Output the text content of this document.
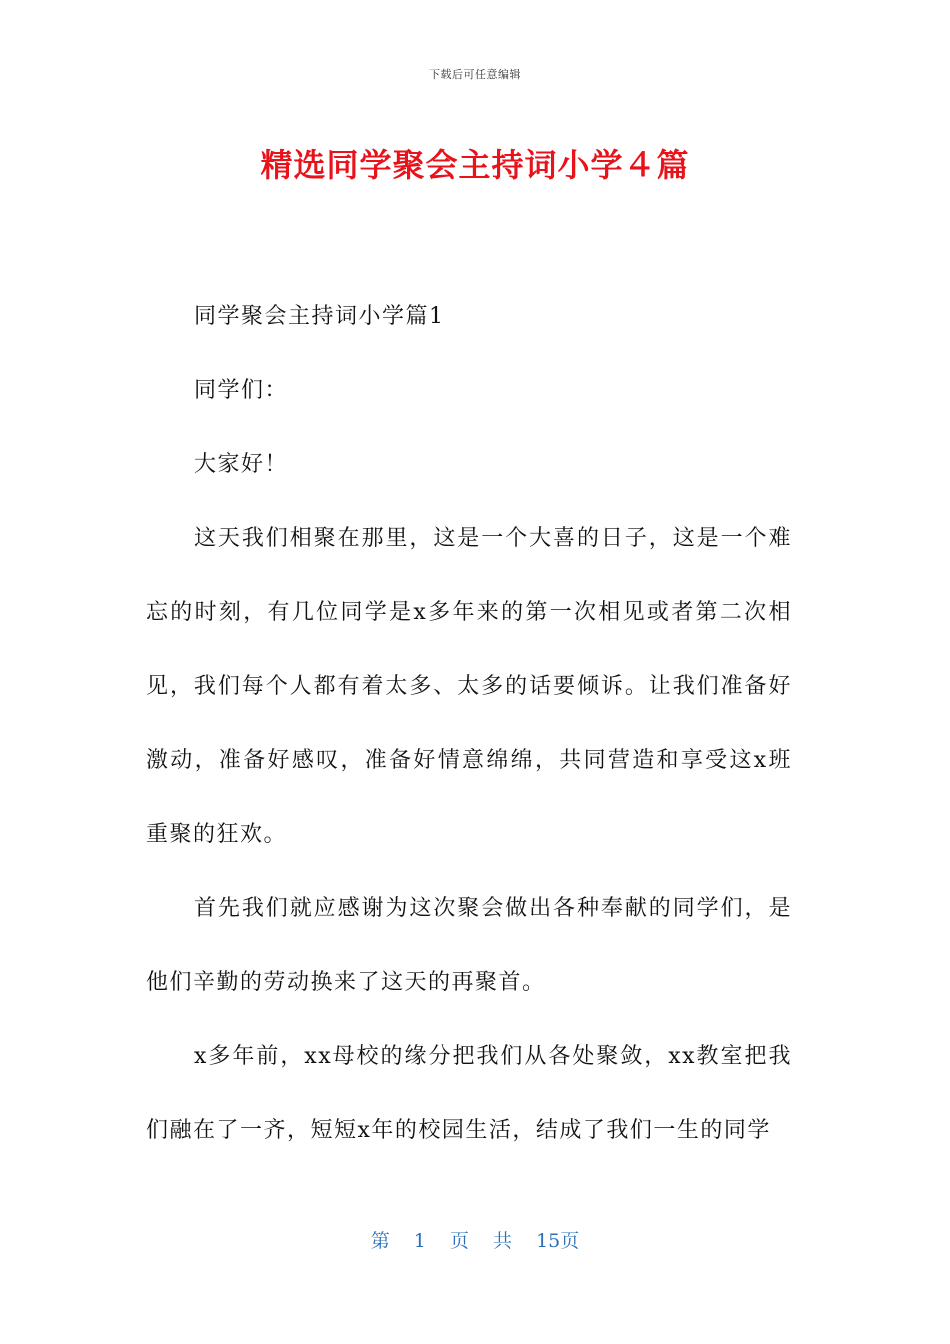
下载后可任意编辑
精选同学聚会主持词小学４篇

同学聚会主持词小学篇1

同学们：

大家好！

这天我们相聚在那里，这是一个大喜的日子，这是一个难忘的时刻，有几位同学是x多年来的第一次相见或者第二次相见，我们每个人都有着太多、太多的话要倾诉。让我们准备好激动，准备好感叹，准备好情意绵绵，共同营造和享受这x班重聚的狂欢。

首先我们就应感谢为这次聚会做出各种奉献的同学们，是他们辛勤的劳动换来了这天的再聚首。

x多年前，xx母校的缘分把我们从各处聚敛，xx教室把我们融在了一齐，短短x年的校园生活，结成了我们一生的同学

第 1 页 共 15页
